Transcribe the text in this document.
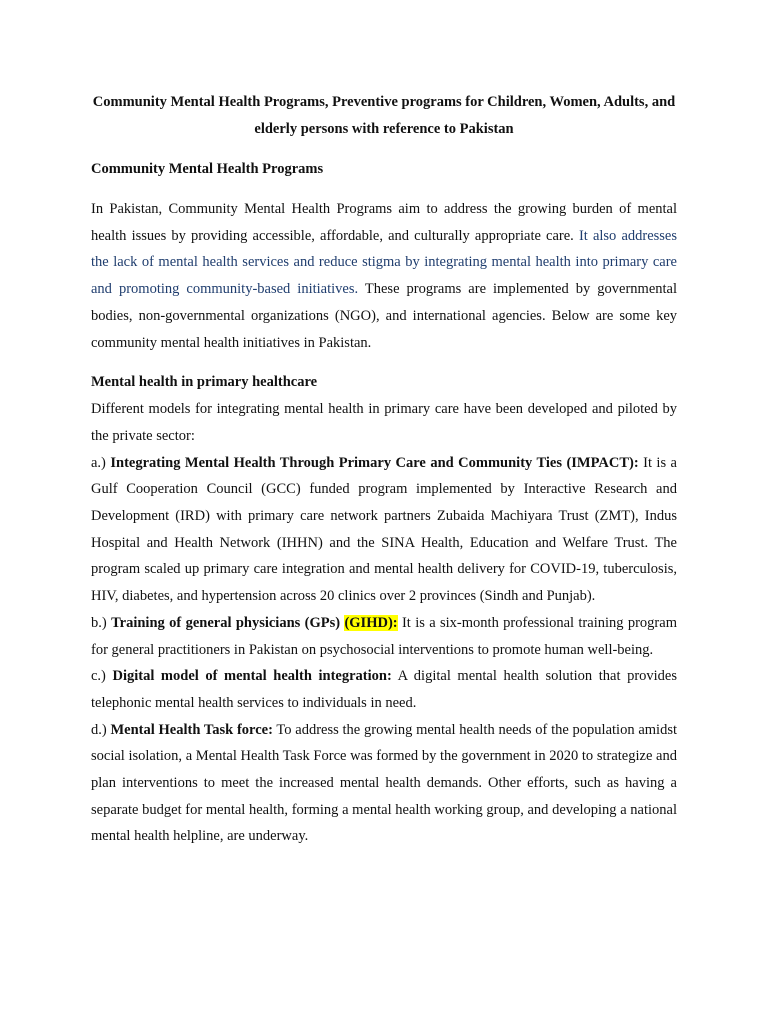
Community Mental Health Programs, Preventive programs for Children, Women, Adults, and elderly persons with reference to Pakistan

Community Mental Health Programs

In Pakistan, Community Mental Health Programs aim to address the growing burden of mental health issues by providing accessible, affordable, and culturally appropriate care. It also addresses the lack of mental health services and reduce stigma by integrating mental health into primary care and promoting community-based initiatives. These programs are implemented by governmental bodies, non-governmental organizations (NGO), and international agencies. Below are some key community mental health initiatives in Pakistan.

Mental health in primary healthcare

Different models for integrating mental health in primary care have been developed and piloted by the private sector:

a.) Integrating Mental Health Through Primary Care and Community Ties (IMPACT): It is a Gulf Cooperation Council (GCC) funded program implemented by Interactive Research and Development (IRD) with primary care network partners Zubaida Machiyara Trust (ZMT), Indus Hospital and Health Network (IHHN) and the SINA Health, Education and Welfare Trust. The program scaled up primary care integration and mental health delivery for COVID-19, tuberculosis, HIV, diabetes, and hypertension across 20 clinics over 2 provinces (Sindh and Punjab).

b.) Training of general physicians (GPs) (GIHD): It is a six-month professional training program for general practitioners in Pakistan on psychosocial interventions to promote human well-being.

c.) Digital model of mental health integration: A digital mental health solution that provides telephonic mental health services to individuals in need.

d.) Mental Health Task force: To address the growing mental health needs of the population amidst social isolation, a Mental Health Task Force was formed by the government in 2020 to strategize and plan interventions to meet the increased mental health demands. Other efforts, such as having a separate budget for mental health, forming a mental health working group, and developing a national mental health helpline, are underway.
